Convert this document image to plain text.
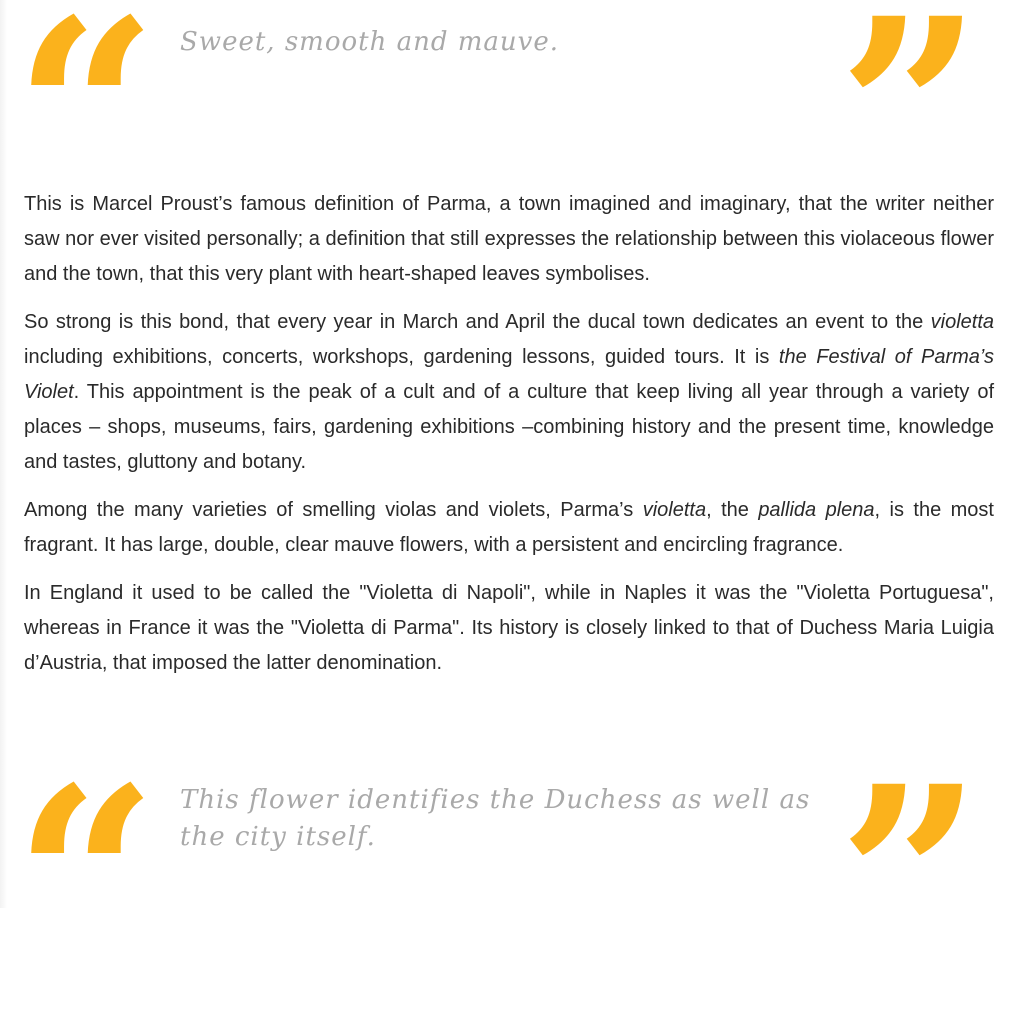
“ Sweet, smooth and mauve.	”

This is Marcel Proust’s famous definition of Parma, a town imagined and imaginary, that the writer neither saw nor ever visited personally; a definition that still expresses the relationship between this violaceous flower and the town, that this very plant with heart-shaped leaves symbolises.

So strong is this bond, that every year in March and April the ducal town dedicates an event to the violetta including exhibitions, concerts, workshops, gardening lessons, guided tours. It is the Festival of Parma’s Violet. This appointment is the peak of a cult and of a culture that keep living all year through a variety of places – shops, museums, fairs, gardening exhibitions –combining history and the present time, knowledge and tastes, gluttony and botany.

Among the many varieties of smelling violas and violets, Parma’s violetta, the pallida plena, is the most fragrant. It has large, double, clear mauve flowers, with a persistent and encircling fragrance.

In England it used to be called the "Violetta di Napoli", while in Naples it was the "Violetta Portuguesa", whereas in France it was the "Violetta di Parma". Its history is closely linked to that of Duchess Maria Luigia d’Austria, that imposed the latter denomination.

“ This flower identifies the Duchess as well as the city itself.	”
